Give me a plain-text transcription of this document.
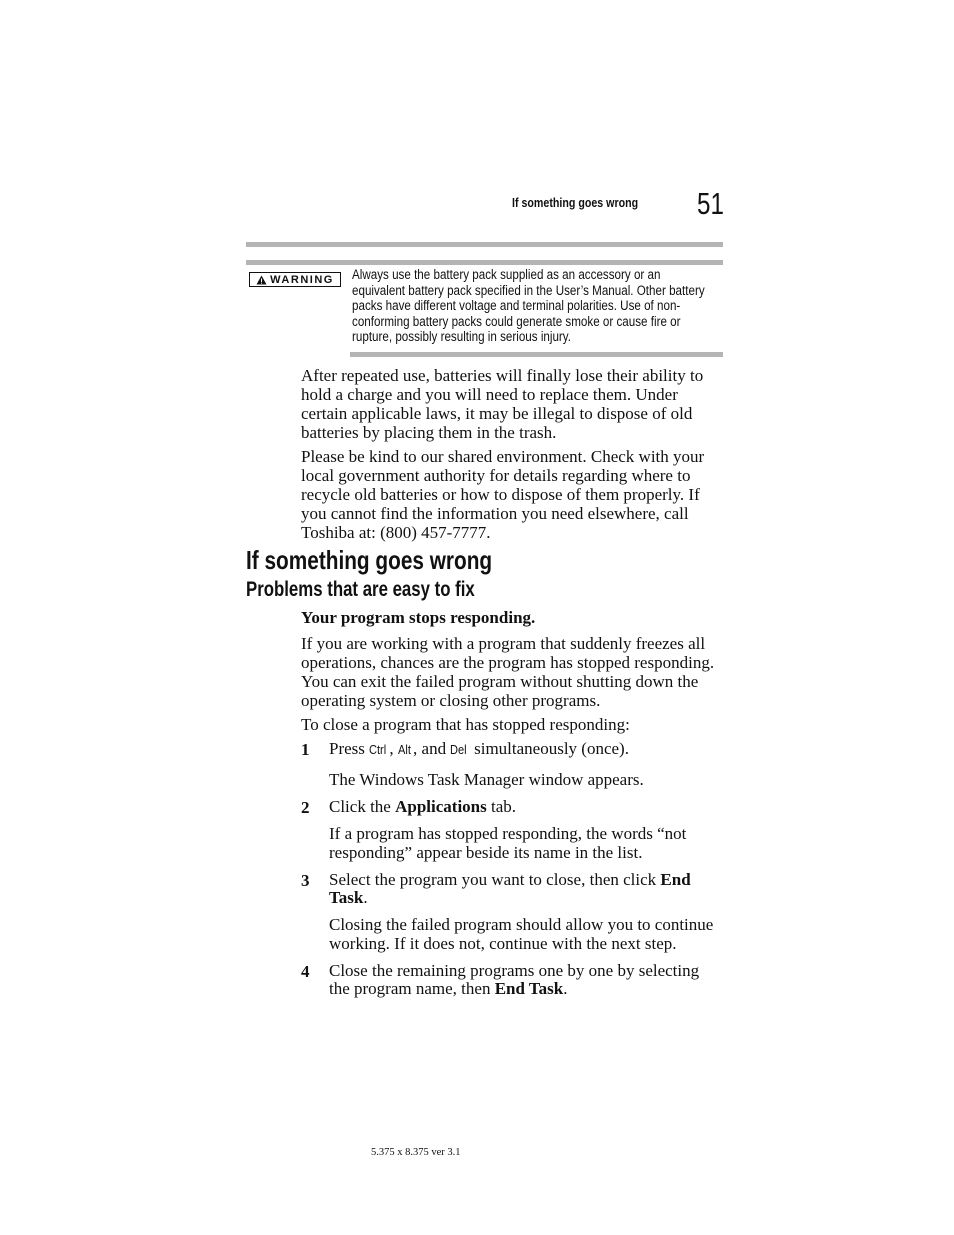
If something goes wrong 51
WARNING Always use the battery pack supplied as an accessory or an
equivalent battery pack specified in the User’s Manual. Other battery
packs have different voltage and terminal polarities. Use of non-
conforming battery packs could generate smoke or cause fire or
rupture, possibly resulting in serious injury.
After repeated use, batteries will finally lose their ability to
hold a charge and you will need to replace them. Under
certain applicable laws, it may be illegal to dispose of old
batteries by placing them in the trash.
Please be kind to our shared environment. Check with your
local government authority for details regarding where to
recycle old batteries or how to dispose of them properly. If
you cannot find the information you need elsewhere, call
Toshiba at: (800) 457-7777.
If something goes wrong
Problems that are easy to fix
Your program stops responding.
If you are working with a program that suddenly freezes all
operations, chances are the program has stopped responding.
You can exit the failed program without shutting down the
operating system or closing other programs.
To close a program that has stopped responding:
1 Press Ctrl , Alt , and Del simultaneously (once).
The Windows Task Manager window appears.
2 Click the Applications tab.
If a program has stopped responding, the words “not
responding” appear beside its name in the list.
3 Select the program you want to close, then click End
Task.
Closing the failed program should allow you to continue
working. If it does not, continue with the next step.
4 Close the remaining programs one by one by selecting
the program name, then End Task.
5.375 x 8.375 ver 3.1
